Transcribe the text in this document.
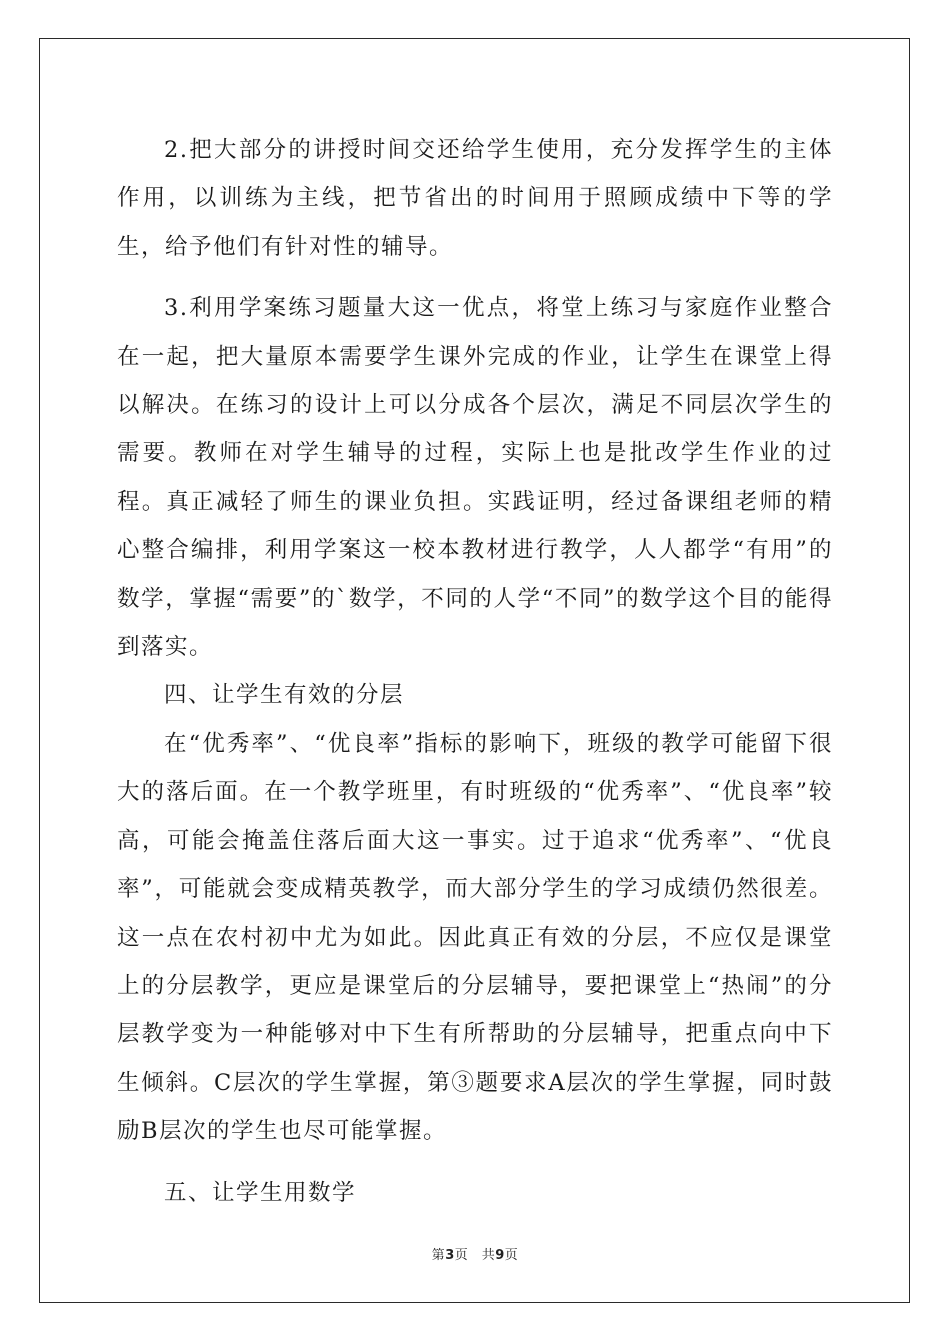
2.把大部分的讲授时间交还给学生使用，充分发挥学生的主体作用，以训练为主线，把节省出的时间用于照顾成绩中下等的学生，给予他们有针对性的辅导。

3.利用学案练习题量大这一优点，将堂上练习与家庭作业整合在一起，把大量原本需要学生课外完成的作业，让学生在课堂上得以解决。在练习的设计上可以分成各个层次，满足不同层次学生的需要。教师在对学生辅导的过程，实际上也是批改学生作业的过程。真正减轻了师生的课业负担。实践证明，经过备课组老师的精心整合编排，利用学案这一校本教材进行教学，人人都学“有用”的数学，掌握“需要”的`数学，不同的人学“不同”的数学这个目的能得到落实。

四、让学生有效的分层

在“优秀率”、“优良率”指标的影响下，班级的教学可能留下很大的落后面。在一个教学班里，有时班级的“优秀率”、“优良率”较高，可能会掩盖住落后面大这一事实。过于追求“优秀率”、“优良率”，可能就会变成精英教学，而大部分学生的学习成绩仍然很差。这一点在农村初中尤为如此。因此真正有效的分层，不应仅是课堂上的分层教学，更应是课堂后的分层辅导，要把课堂上“热闹”的分层教学变为一种能够对中下生有所帮助的分层辅导，把重点向中下生倾斜。C层次的学生掌握，第③题要求A层次的学生掌握，同时鼓励B层次的学生也尽可能掌握。

五、让学生用数学

第3页　共9页
